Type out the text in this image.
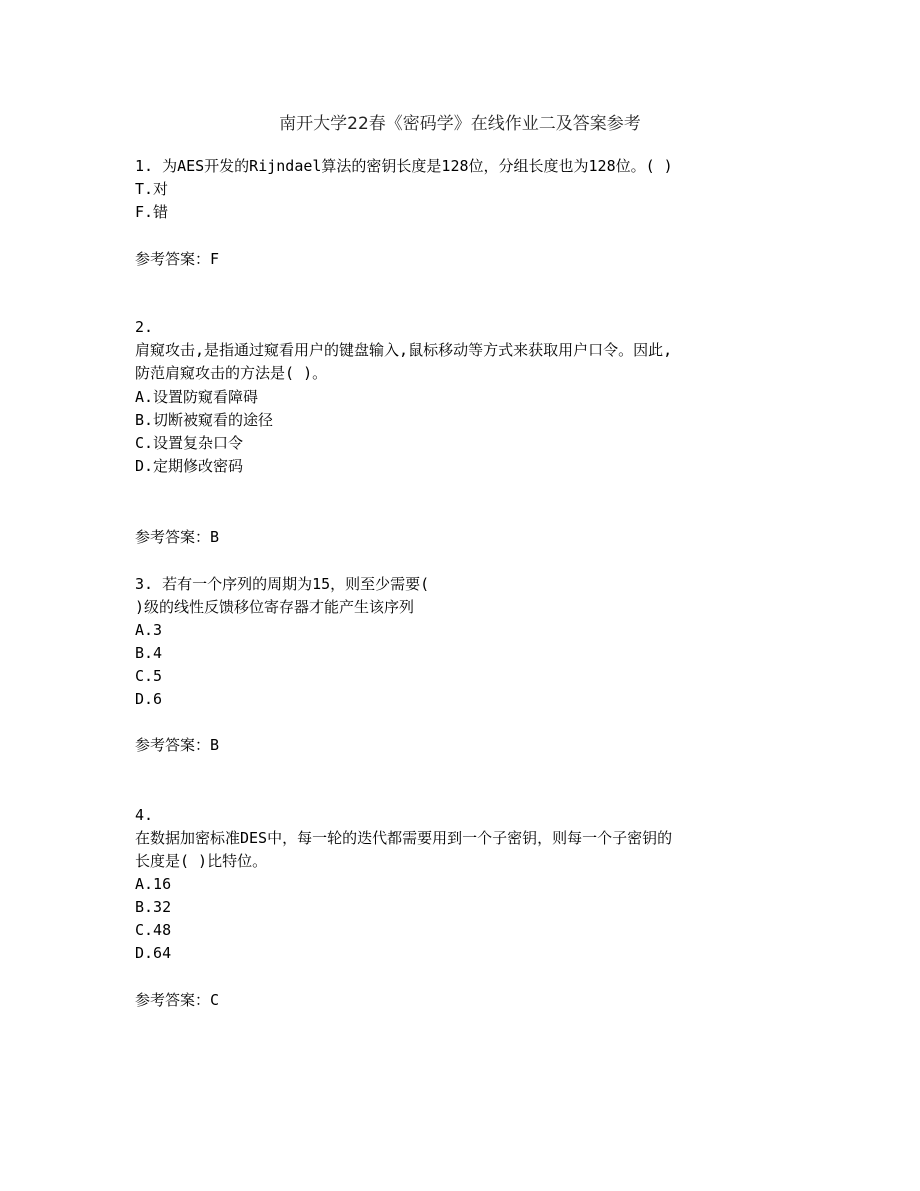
南开大学22春《密码学》在线作业二及答案参考
1. 为AES开发的Rijndael算法的密钥长度是128位，分组长度也为128位。( )
T.对
F.错
参考答案：F
2.
肩窥攻击,是指通过窥看用户的键盘输入,鼠标移动等方式来获取用户口令。因此,
防范肩窥攻击的方法是( )。
A.设置防窥看障碍
B.切断被窥看的途径
C.设置复杂口令
D.定期修改密码
参考答案：B
3. 若有一个序列的周期为15，则至少需要(
)级的线性反馈移位寄存器才能产生该序列
A.3
B.4
C.5
D.6
参考答案：B
4.
在数据加密标准DES中，每一轮的迭代都需要用到一个子密钥，则每一个子密钥的
长度是( )比特位。
A.16
B.32
C.48
D.64
参考答案：C
